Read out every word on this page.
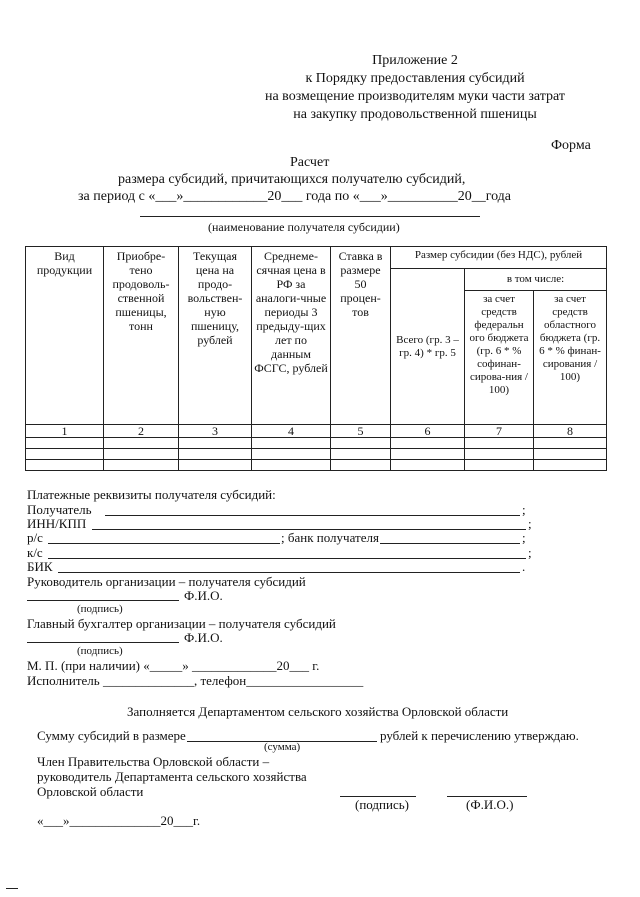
Приложение 2
к Порядку предоставления субсидий
на возмещение производителям муки части затрат
на закупку продовольственной пшеницы
Форма
Расчет
размера субсидий, причитающихся получателю субсидий,
за период с «___»____________20___ года по «___»__________20__года
(наименование получателя субсидии)
Вид продукции	Приобре-тено продоволь-ственной пшеницы, тонн	Текущая цена на продо-вольствен-ную пшеницу, рублей	Среднеме-сячная цена в РФ за аналоги-чные периоды 3 предыду-щих лет по данным ФСГС, рублей	Ставка в размере 50 процен-тов	Размер субсидии (без НДС), рублей		
					Всего (гр. 3 – гр. 4) * гр. 5	в том числе:	
						за счет средств федеральн ого бюджета (гр. 6 * % софинан-сирова-ния / 100)	за счет средств областного бюджета (гр. 6 * % финан-сирования / 100)
1	2	3	4	5	6	7	8

Платежные реквизиты получателя субсидий:
Получатель	;
ИНН/КПП	;
р/с	; банк получателя	;
к/с	;
БИК	.
Руководитель организации – получателя субсидий
Ф.И.О.
(подпись)
Главный бухгалтер организации – получателя субсидий
Ф.И.О.
(подпись)
М. П. (при наличии) «_____» _____________20___ г.
Исполнитель ______________, телефон__________________
Заполняется Департаментом сельского хозяйства Орловской области
Сумму субсидий в размере	рублей к перечислению утверждаю.
(сумма)
Член Правительства Орловской области –
руководитель Департамента сельского хозяйства
Орловской области
(подпись)	(Ф.И.О.)
«___»______________20___г.
